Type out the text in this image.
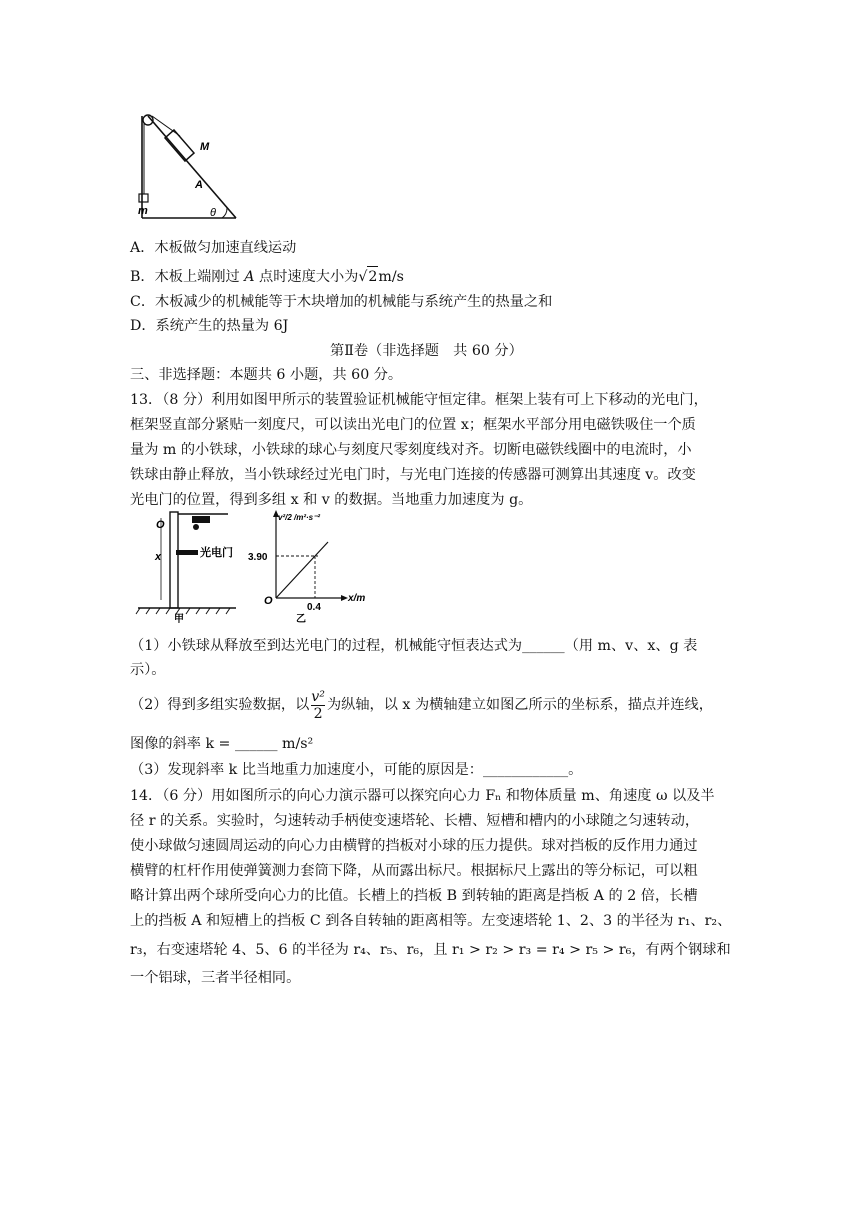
M
A
m	θ
A．木板做匀加速直线运动
B．木板上端刚过 A 点时速度大小为√2m/s
C．木板减少的机械能等于木块增加的机械能与系统产生的热量之和
D．系统产生的热量为 6J
第Ⅱ卷（非选择题　共 60 分）
三、非选择题：本题共 6 小题，共 60 分。
13．（8 分）利用如图甲所示的装置验证机械能守恒定律。框架上装有可上下移动的光电门，
框架竖直部分紧贴一刻度尺，可以读出光电门的位置 x；框架水平部分用电磁铁吸住一个质
量为 m 的小铁球，小铁球的球心与刻度尺零刻度线对齐。切断电磁铁线圈中的电流时，小
铁球由静止释放，当小铁球经过光电门时，与光电门连接的传感器可测算出其速度 v。改变
光电门的位置，得到多组 x 和 v 的数据。当地重力加速度为 g。
O
x	光电门
甲
v²/2 /m²·s⁻²
3.90
O
0.4
x/m
乙
（1）小铁球从释放至到达光电门的过程，机械能守恒表达式为______（用 m、v、x、g 表
示）。
（2）得到多组实验数据，以 $\frac{\text{v²}}{2}$ 为纵轴，以 x 为横轴建立如图乙所示的坐标系，描点并连线，
图像的斜率 k = ______ m/s²
（3）发现斜率 k 比当地重力加速度小，可能的原因是：____________。
14．（6 分）用如图所示的向心力演示器可以探究向心力 Fₙ 和物体质量 m、角速度 ω 以及半
径 r 的关系。实验时，匀速转动手柄使变速塔轮、长槽、短槽和槽内的小球随之匀速转动，
使小球做匀速圆周运动的向心力由横臂的挡板对小球的压力提供。球对挡板的反作用力通过
横臂的杠杆作用使弹簧测力套筒下降，从而露出标尺。根据标尺上露出的等分标记，可以粗
略计算出两个球所受向心力的比值。长槽上的挡板 B 到转轴的距离是挡板 A 的 2 倍，长槽
上的挡板 A 和短槽上的挡板 C 到各自转轴的距离相等。左变速塔轮 1、2、3 的半径为 r₁、r₂、
r₃，右变速塔轮 4、5、6 的半径为 r₄、r₅、r₆，且 r₁ > r₂ > r₃ = r₄ > r₅ > r₆，有两个钢球和
一个铝球，三者半径相同。
